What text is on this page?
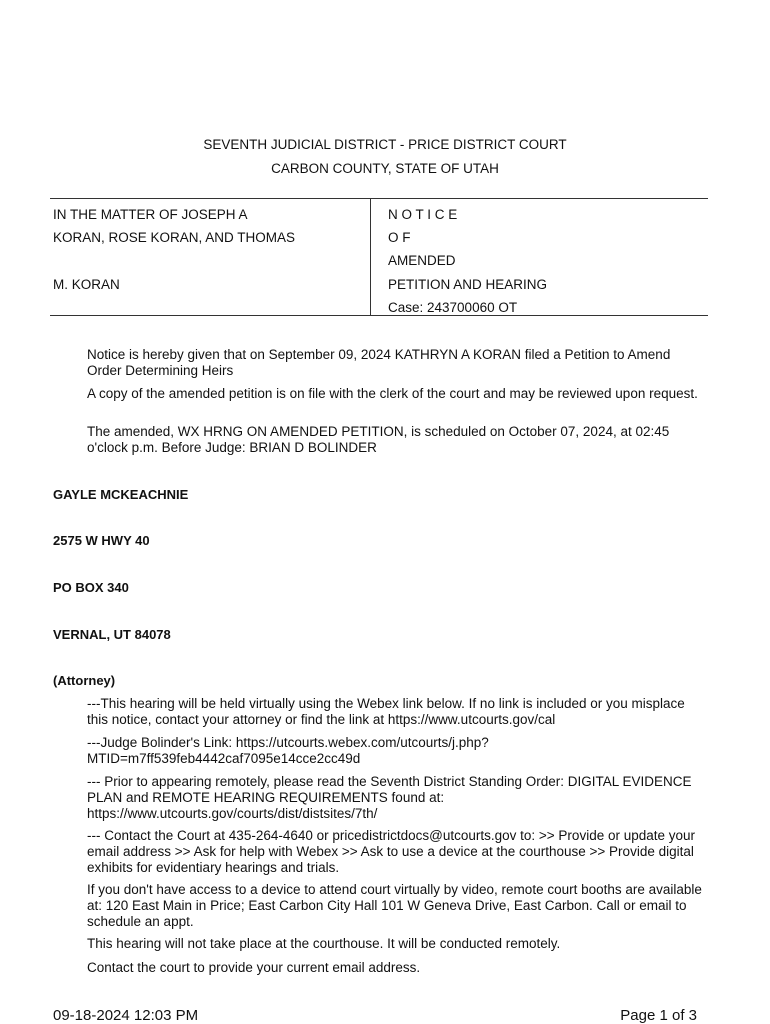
SEVENTH JUDICIAL DISTRICT - PRICE DISTRICT COURT
CARBON COUNTY, STATE OF UTAH
IN THE MATTER OF JOSEPH A
KORAN, ROSE KORAN, AND THOMAS
M. KORAN
N O T I C E
O F
AMENDED
PETITION AND HEARING
Case: 243700060 OT
Notice is hereby given that on September 09, 2024 KATHRYN A KORAN filed a Petition to Amend Order Determining Heirs
A copy of the amended petition is on file with the clerk of the court and may be reviewed upon request.
The amended, WX HRNG ON AMENDED PETITION, is scheduled on October 07, 2024, at 02:45 o'clock p.m. Before Judge: BRIAN D BOLINDER
GAYLE MCKEACHNIE
2575 W HWY 40
PO BOX 340
VERNAL, UT 84078
(Attorney)
---This hearing will be held virtually using the Webex link below. If no link is included or you misplace this notice, contact your attorney or find the link at https://www.utcourts.gov/cal
---Judge Bolinder's Link: https://utcourts.webex.com/utcourts/j.php?MTID=m7ff539feb4442caf7095e14cce2cc49d
--- Prior to appearing remotely, please read the Seventh District Standing Order: DIGITAL EVIDENCE PLAN and REMOTE HEARING REQUIREMENTS found at: https://www.utcourts.gov/courts/dist/distsites/7th/
--- Contact the Court at 435-264-4640 or pricedistrictdocs@utcourts.gov to: >> Provide or update your email address >> Ask for help with Webex >> Ask to use a device at the courthouse >> Provide digital exhibits for evidentiary hearings and trials.
If you don't have access to a device to attend court virtually by video, remote court booths are available at: 120 East Main in Price; East Carbon City Hall 101 W Geneva Drive, East Carbon. Call or email to schedule an appt.
This hearing will not take place at the courthouse. It will be conducted remotely.
Contact the court to provide your current email address.
09-18-2024 12:03 PM	Page 1 of 3
